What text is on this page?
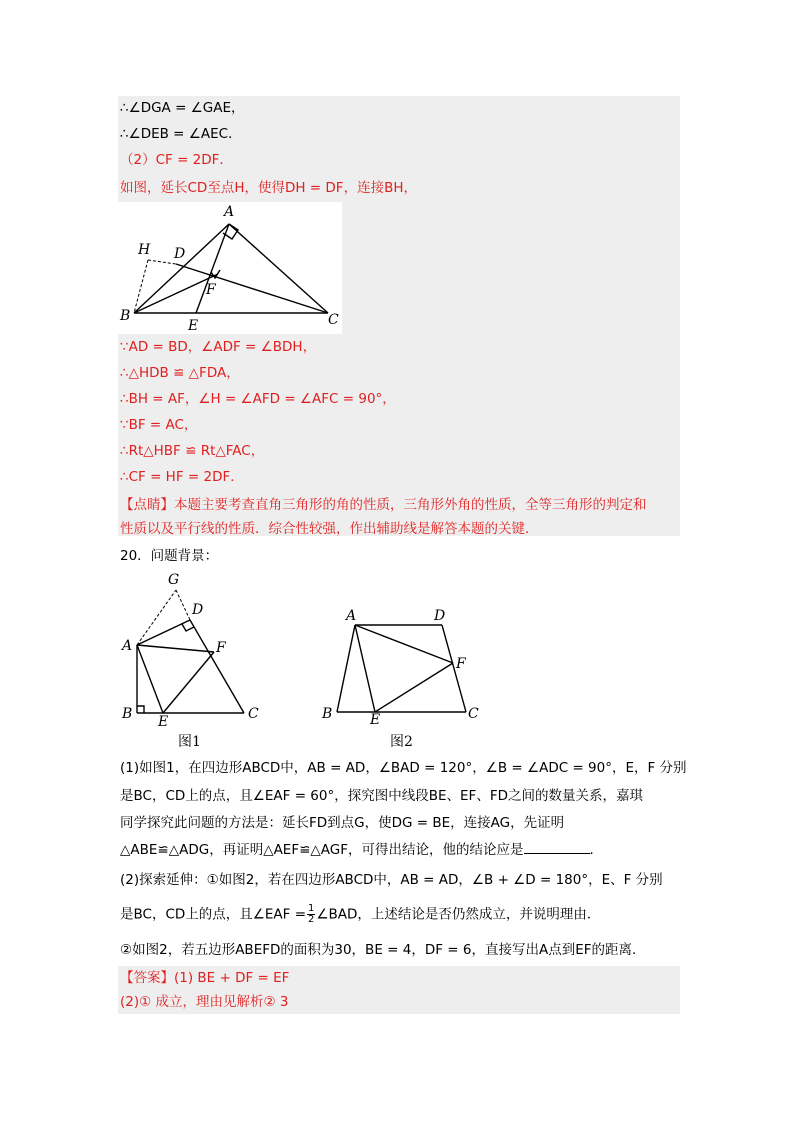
∴∠DGA = ∠GAE，
∴∠DEB = ∠AEC．
（2）CF = 2DF．
如图，延长CD至点H，使得DH = DF，连接BH，
A
H D
F
B
E	C
∵AD = BD，∠ADF = ∠BDH，
∴△HDB ≌ △FDA，
∴BH = AF，∠H = ∠AFD = ∠AFC = 90°，
∵BF = AC，
∴Rt△HBF ≌ Rt△FAC，
∴CF = HF = 2DF．
【点睛】本题主要考查直角三角形的角的性质，三角形外角的性质，全等三角形的判定和
性质以及平行线的性质．综合性较强，作出辅助线是解答本题的关键．
20．问题背景：
G
D
A	F
B E	C
图1
A	D
F
B	E	C
图2
(1)如图1，在四边形ABCD中，AB = AD，∠BAD = 120°，∠B = ∠ADC = 90°，E，F 分别
是BC，CD上的点，且∠EAF = 60°，探究图中线段BE、EF、FD之间的数量关系，嘉琪
同学探究此问题的方法是：延长FD到点G，使DG = BE，连接AG，先证明
△ABE≌△ADG，再证明△AEF≌△AGF，可得出结论，他的结论应是	．
(2)探索延伸：①如图2，若在四边形ABCD中，AB = AD，∠B + ∠D = 180°，E、F 分别
是BC，CD上的点，且∠EAF = $\frac{1}{2}$ ∠BAD，上述结论是否仍然成立，并说明理由．
②如图2，若五边形ABEFD的面积为30，BE = 4，DF = 6，直接写出A点到EF的距离．
【答案】(1) BE + DF = EF
(2)① 成立，理由见解析② 3
